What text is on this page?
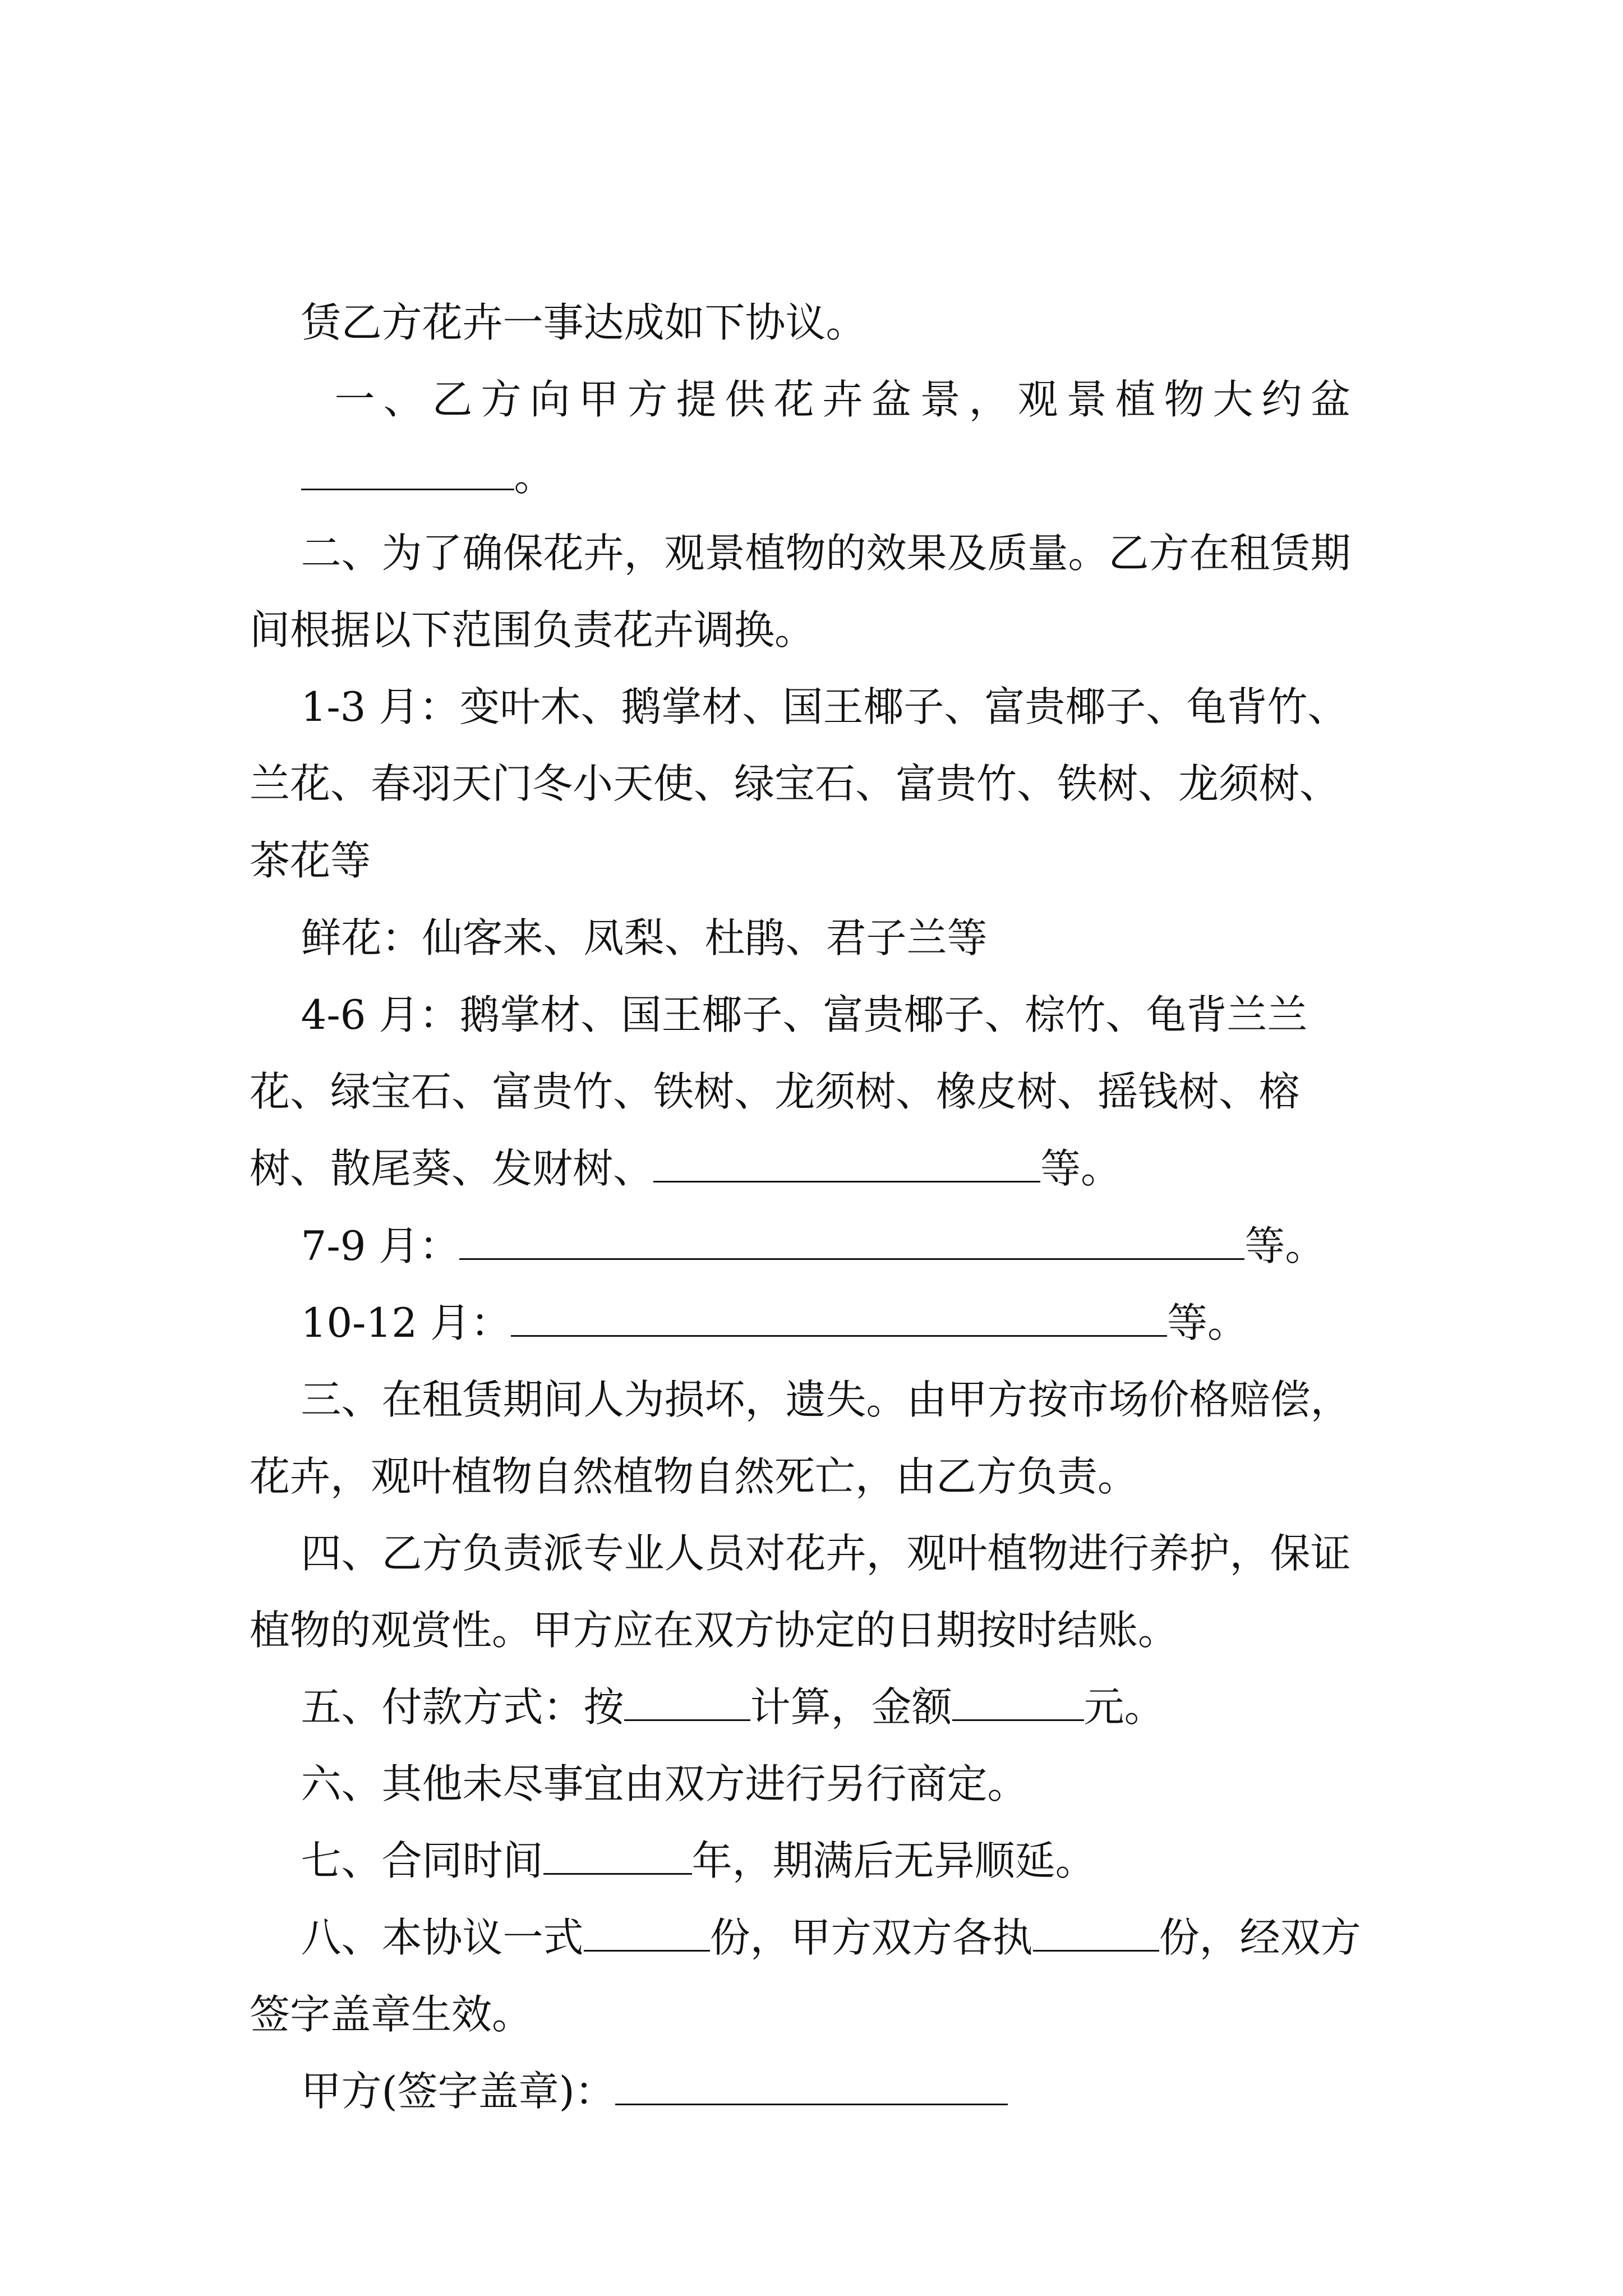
赁乙方花卉一事达成如下协议。

一、乙方向甲方提供花卉盆景，观景植物大约盆

。

二、为了确保花卉，观景植物的效果及质量。乙方在租赁期间根据以下范围负责花卉调换。

1-3 月：变叶木、鹅掌材、国王椰子、富贵椰子、龟背竹、兰花、春羽天门冬小天使、绿宝石、富贵竹、铁树、龙须树、茶花等

鲜花：仙客来、凤梨、杜鹃、君子兰等

4-6 月：鹅掌材、国王椰子、富贵椰子、棕竹、龟背兰兰花、绿宝石、富贵竹、铁树、龙须树、橡皮树、摇钱树、榕树、散尾葵、发财树、	等。

7-9 月：	等。

10-12 月：	等。

三、在租赁期间人为损坏，遗失。由甲方按市场价格赔偿，花卉，观叶植物自然植物自然死亡，由乙方负责。

四、乙方负责派专业人员对花卉，观叶植物进行养护，保证植物的观赏性。甲方应在双方协定的日期按时结账。

五、付款方式：按	计算，金额	元。

六、其他未尽事宜由双方进行另行商定。

七、合同时间	年，期满后无异顺延。

八、本协议一式	份，甲方双方各执	份，经双方签字盖章生效。

甲方(签字盖章)：
